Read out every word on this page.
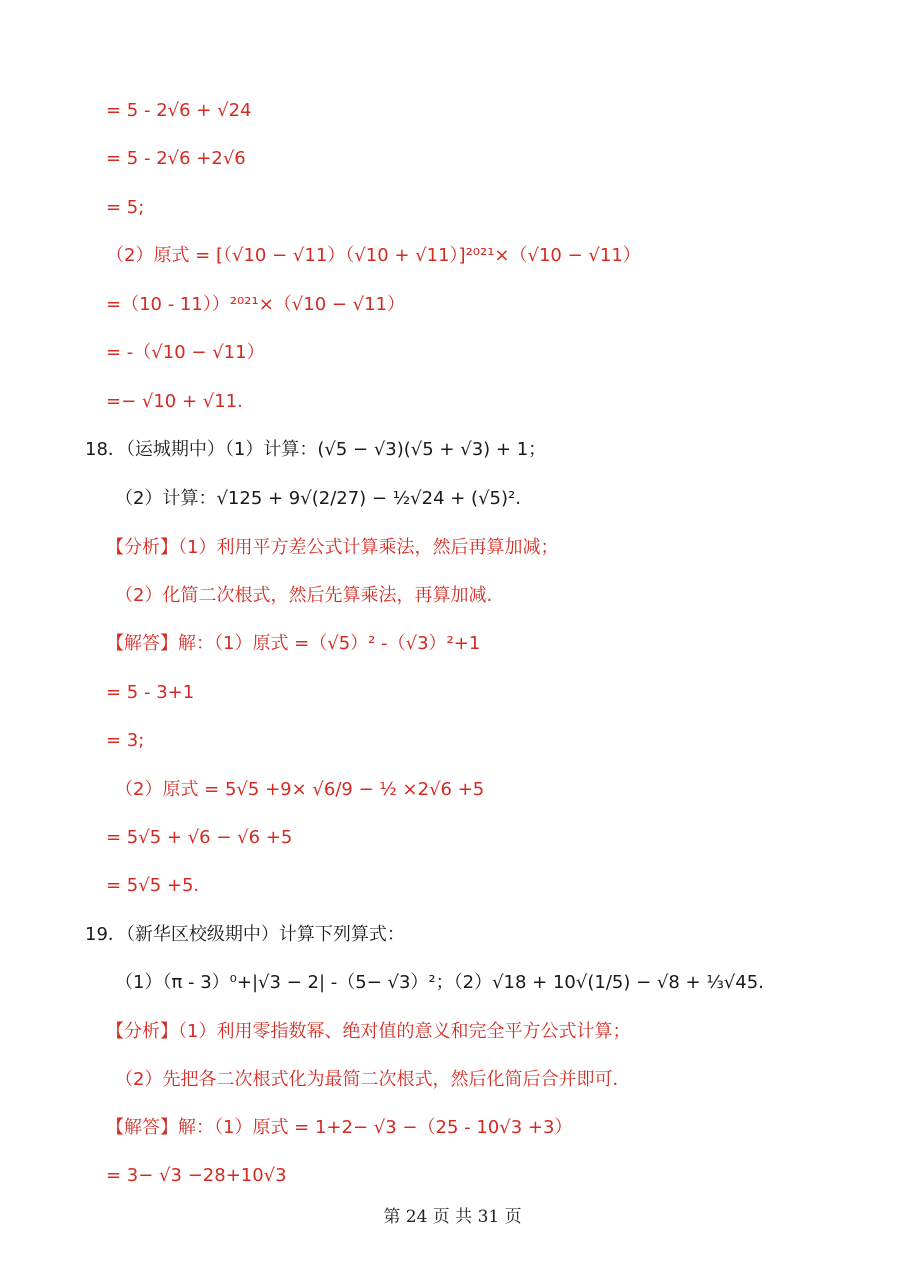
= 5 - 2√6 + √24
= 5 - 2√6 +2√6
= 5;
（2）原式 = [（√10 − √11）（√10 + √11）]²⁰²¹×（√10 − √11）
=（10 - 11））²⁰²¹×（√10 − √11）
= -（√10 − √11）
=− √10 + √11.
18．（运城期中）（1）计算：(√5 − √3)(√5 + √3) + 1；
（2）计算：√125 + 9√(2/27) − ½√24 + (√5)².
【分析】（1）利用平方差公式计算乘法，然后再算加减；
（2）化简二次根式，然后先算乘法，再算加减.
【解答】解：（1）原式 =（√5）² -（√3）²+1
= 5 - 3+1
= 3;
（2）原式 = 5√5 +9× √6/9 − ½ ×2√6 +5
= 5√5 + √6 − √6 +5
= 5√5 +5.
19．（新华区校级期中）计算下列算式：
（1）（π - 3）⁰+|√3 − 2| -（5− √3）²；（2）√18 + 10√(1/5) − √8 + ⅓√45.
【分析】（1）利用零指数幂、绝对值的意义和完全平方公式计算；
（2）先把各二次根式化为最简二次根式，然后化简后合并即可．
【解答】解：（1）原式 = 1+2− √3 −（25 - 10√3 +3）
= 3− √3 −28+10√3
第 24 页 共 31 页
